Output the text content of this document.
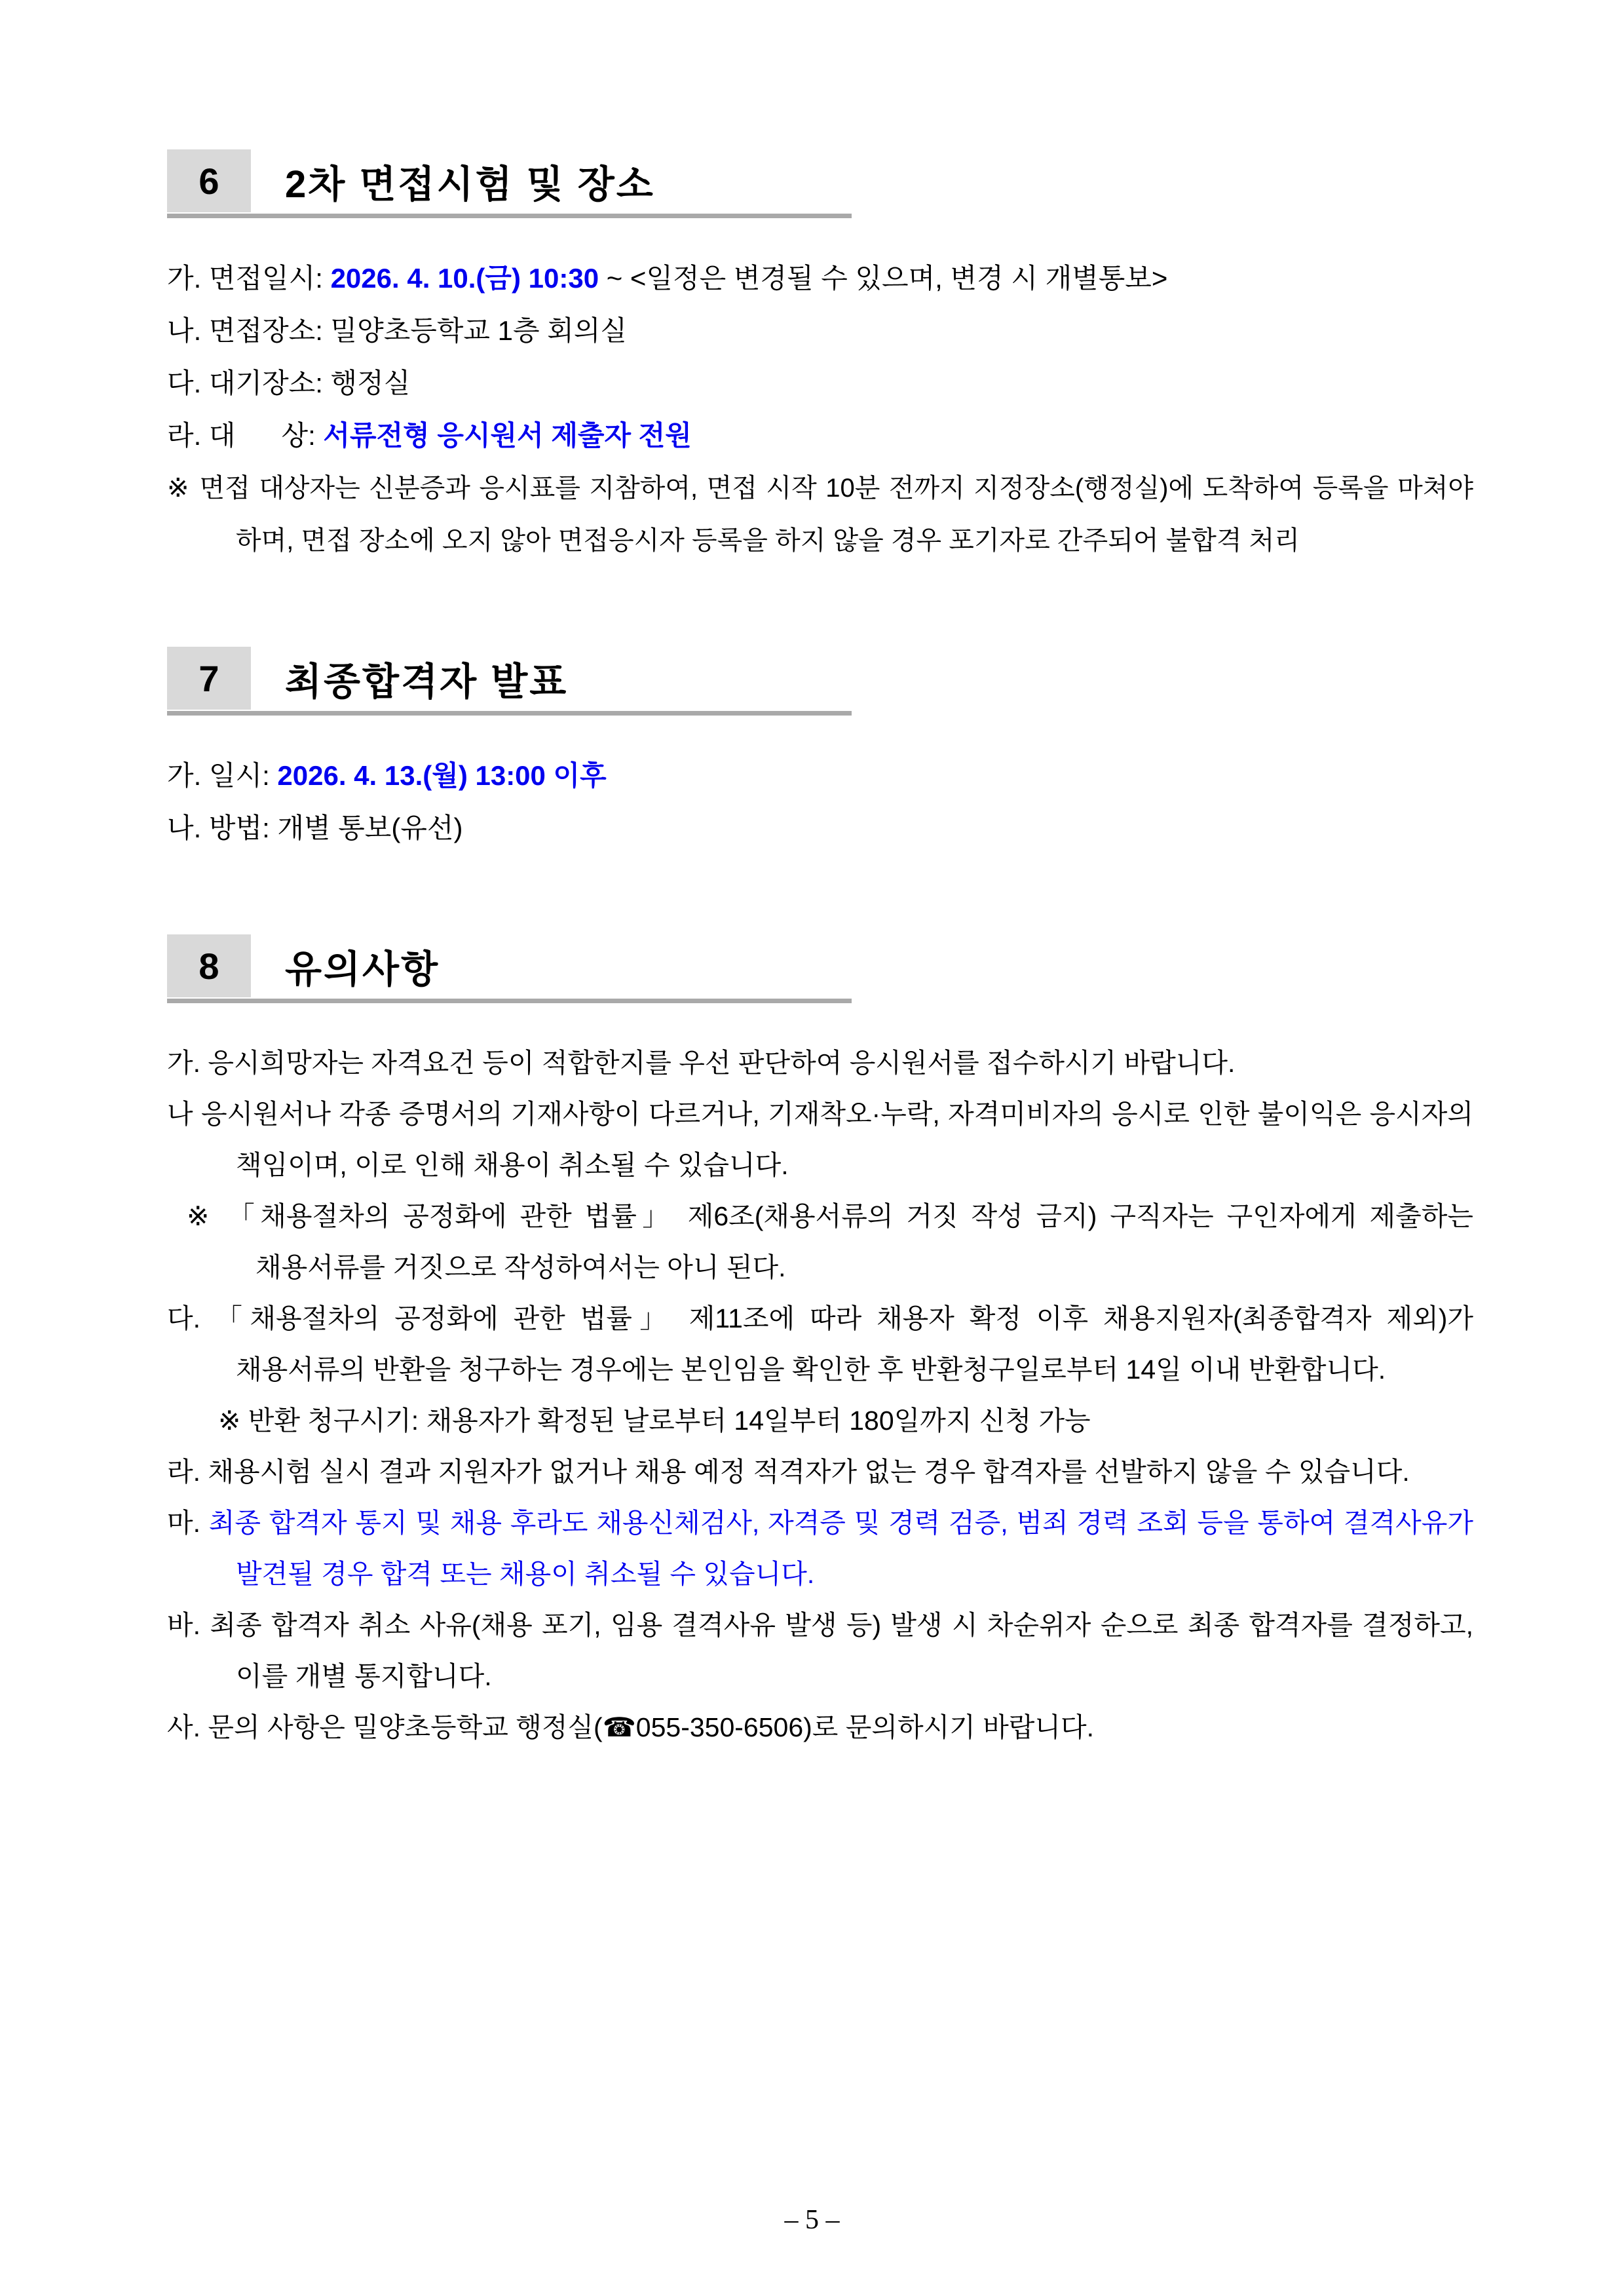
6 2차 면접시험 및 장소

가. 면접일시: 2026. 4. 10.(금) 10:30 ~ <일정은 변경될 수 있으며, 변경 시 개별통보>

나. 면접장소: 밀양초등학교 1층 회의실

다. 대기장소: 행정실

라. 대      상: 서류전형 응시원서 제출자 전원

※ 면접 대상자는 신분증과 응시표를 지참하여, 면접 시작 10분 전까지 지정장소(행정실)에 도착하여 등록을 마쳐야 하며, 면접 장소에 오지 않아 면접응시자 등록을 하지 않을 경우 포기자로 간주되어 불합격 처리

7 최종합격자 발표

가. 일시: 2026. 4. 13.(월) 13:00 이후

나. 방법: 개별 통보(유선)

8 유의사항

가. 응시희망자는 자격요건 등이 적합한지를 우선 판단하여 응시원서를 접수하시기 바랍니다.

나 응시원서나 각종 증명서의 기재사항이 다르거나, 기재착오·누락, 자격미비자의 응시로 인한 불이익은 응시자의 책임이며, 이로 인해 채용이 취소될 수 있습니다.

※ 「채용절차의 공정화에 관한 법률」 제6조(채용서류의 거짓 작성 금지) 구직자는 구인자에게 제출하는 채용서류를 거짓으로 작성하여서는 아니 된다.

다. 「채용절차의 공정화에 관한 법률」 제11조에 따라 채용자 확정 이후 채용지원자(최종합격자 제외)가 채용서류의 반환을 청구하는 경우에는 본인임을 확인한 후 반환청구일로부터 14일 이내 반환합니다.

※ 반환 청구시기: 채용자가 확정된 날로부터 14일부터 180일까지 신청 가능

라. 채용시험 실시 결과 지원자가 없거나 채용 예정 적격자가 없는 경우 합격자를 선발하지 않을 수 있습니다.

마. 최종 합격자 통지 및 채용 후라도 채용신체검사, 자격증 및 경력 검증, 범죄 경력 조회 등을 통하여 결격사유가 발견될 경우 합격 또는 채용이 취소될 수 있습니다.

바. 최종 합격자 취소 사유(채용 포기, 임용 결격사유 발생 등) 발생 시 차순위자 순으로 최종 합격자를 결정하고, 이를 개별 통지합니다.

사. 문의 사항은 밀양초등학교 행정실(☎055-350-6506)로 문의하시기 바랍니다.

– 5 –
